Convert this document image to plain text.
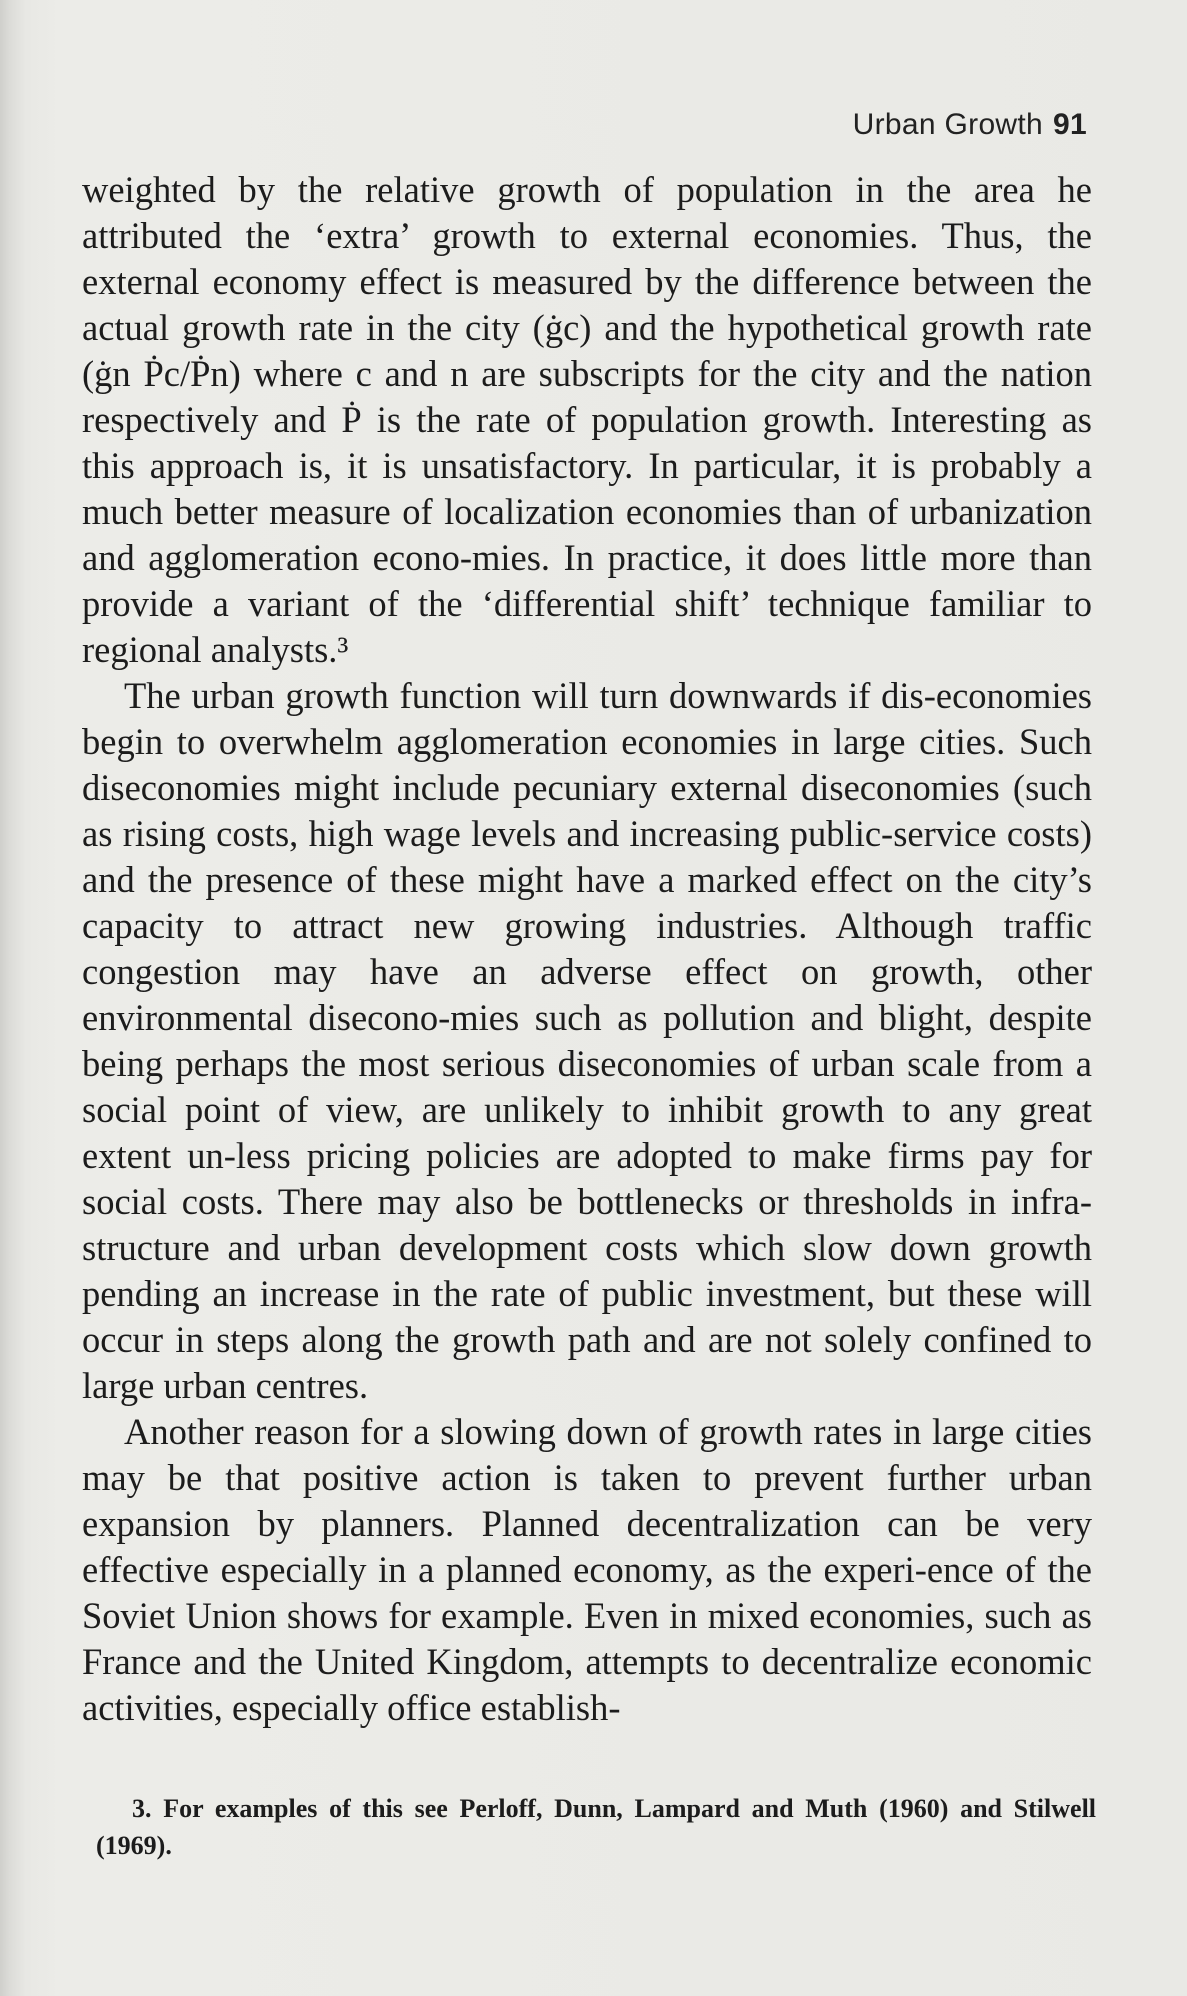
Urban Growth 91

weighted by the relative growth of population in the area he attributed the ‘extra’ growth to external economies. Thus, the external economy effect is measured by the difference between the actual growth rate in the city (ġc) and the hypothetical growth rate (ġn Ṗc/Ṗn) where c and n are subscripts for the city and the nation respectively and Ṗ is the rate of population growth. Interesting as this approach is, it is unsatisfactory. In particular, it is probably a much better measure of localization economies than of urbanization and agglomeration econo-mies. In practice, it does little more than provide a variant of the ‘differential shift’ technique familiar to regional analysts.³

The urban growth function will turn downwards if dis-economies begin to overwhelm agglomeration economies in large cities. Such diseconomies might include pecuniary external diseconomies (such as rising costs, high wage levels and increasing public-service costs) and the presence of these might have a marked effect on the city’s capacity to attract new growing industries. Although traffic congestion may have an adverse effect on growth, other environmental disecono-mies such as pollution and blight, despite being perhaps the most serious diseconomies of urban scale from a social point of view, are unlikely to inhibit growth to any great extent un-less pricing policies are adopted to make firms pay for social costs. There may also be bottlenecks or thresholds in infra-structure and urban development costs which slow down growth pending an increase in the rate of public investment, but these will occur in steps along the growth path and are not solely confined to large urban centres.

Another reason for a slowing down of growth rates in large cities may be that positive action is taken to prevent further urban expansion by planners. Planned decentralization can be very effective especially in a planned economy, as the experi-ence of the Soviet Union shows for example. Even in mixed economies, such as France and the United Kingdom, attempts to decentralize economic activities, especially office establish-

3. For examples of this see Perloff, Dunn, Lampard and Muth (1960) and Stilwell (1969).
